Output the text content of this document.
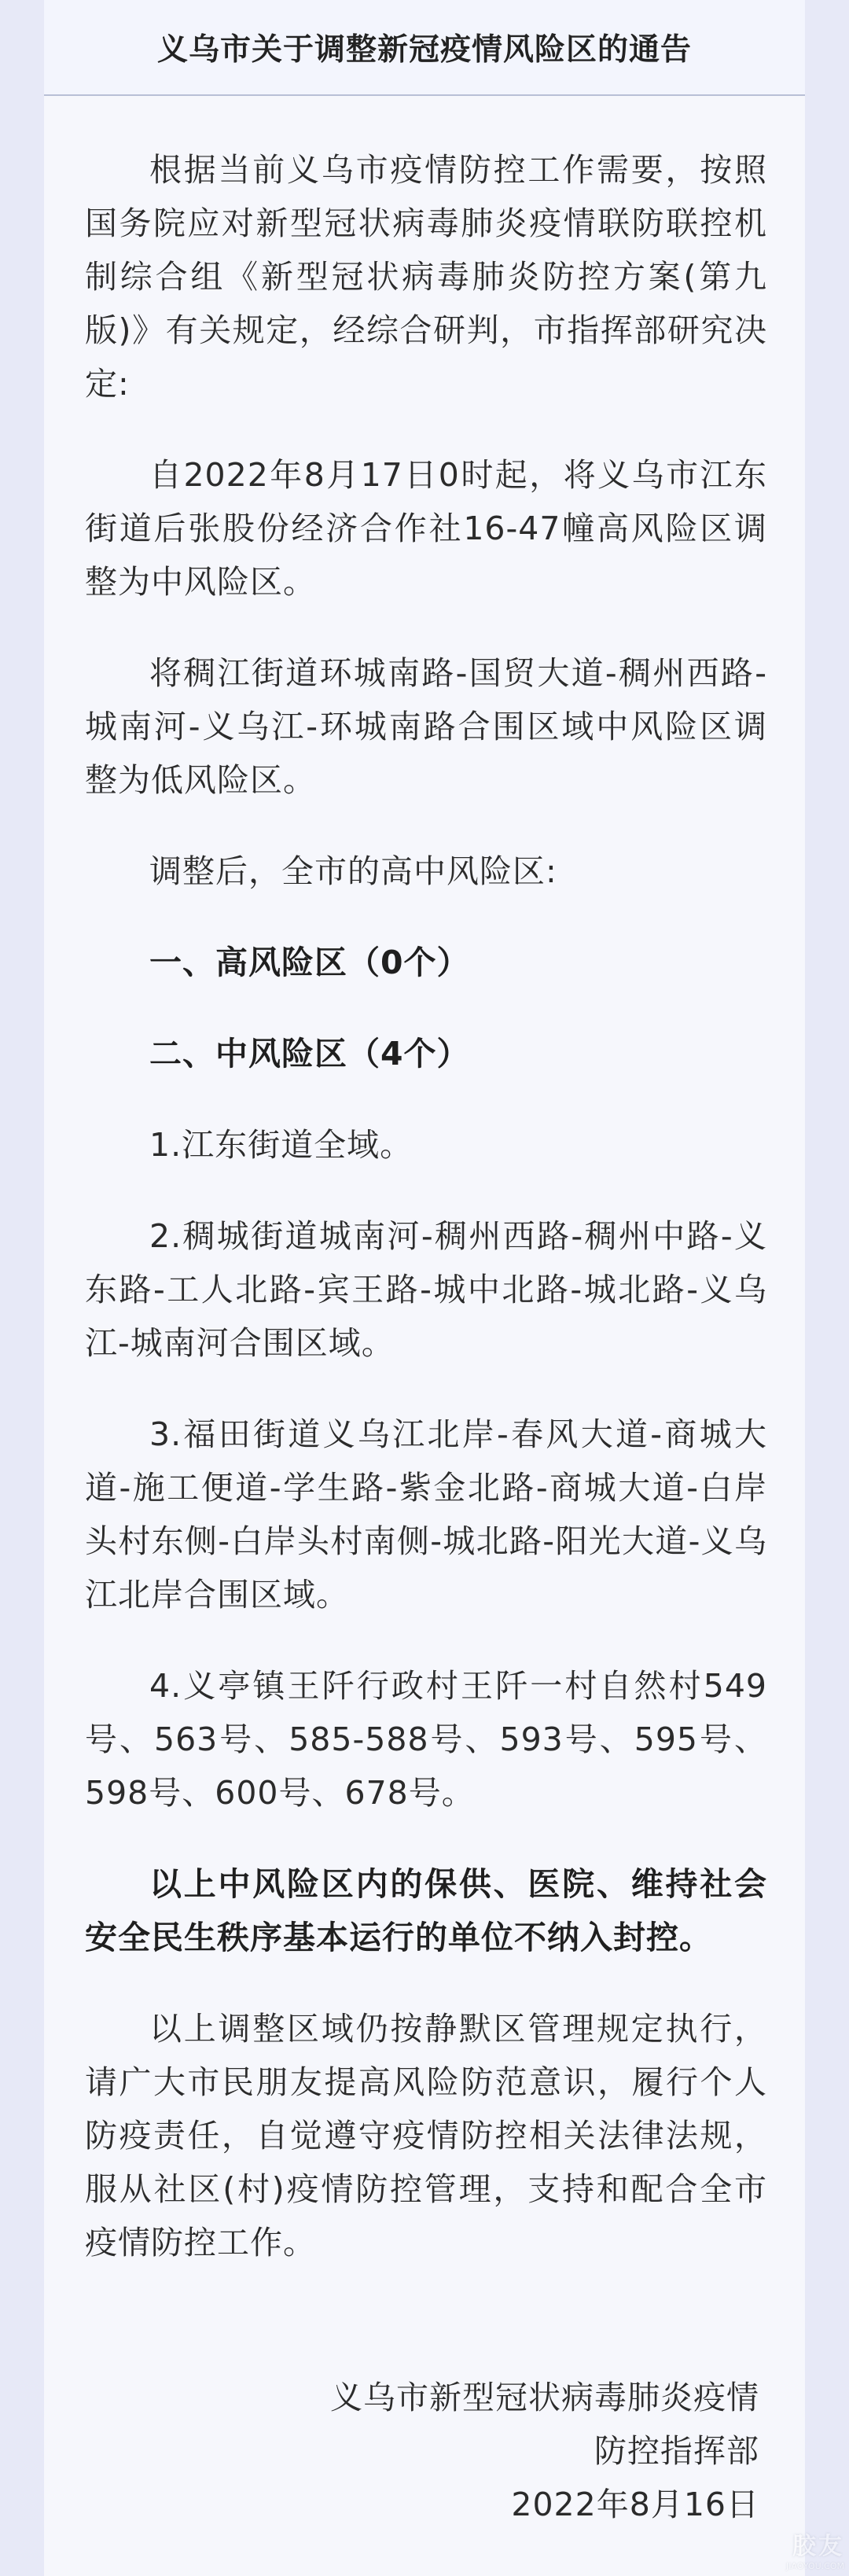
义乌市关于调整新冠疫情风险区的通告

根据当前义乌市疫情防控工作需要，按照国务院应对新型冠状病毒肺炎疫情联防联控机制综合组《新型冠状病毒肺炎防控方案(第九版)》有关规定，经综合研判，市指挥部研究决定:

自2022年8月17日0时起，将义乌市江东街道后张股份经济合作社16-47幢高风险区调整为中风险区。

将稠江街道环城南路-国贸大道-稠州西路-城南河-义乌江-环城南路合围区域中风险区调整为低风险区。

调整后，全市的高中风险区:

一、高风险区（0个）

二、中风险区（4个）

1.江东街道全域。

2.稠城街道城南河-稠州西路-稠州中路-义东路-工人北路-宾王路-城中北路-城北路-义乌江-城南河合围区域。

3.福田街道义乌江北岸-春风大道-商城大道-施工便道-学生路-紫金北路-商城大道-白岸头村东侧-白岸头村南侧-城北路-阳光大道-义乌江北岸合围区域。

4.义亭镇王阡行政村王阡一村自然村549号、563号、585-588号、593号、595号、598号、600号、678号。

以上中风险区内的保供、医院、维持社会安全民生秩序基本运行的单位不纳入封控。

以上调整区域仍按静默区管理规定执行，请广大市民朋友提高风险防范意识，履行个人防疫责任，自觉遵守疫情防控相关法律法规，服从社区(村)疫情防控管理，支持和配合全市疫情防控工作。

义乌市新型冠状病毒肺炎疫情
防控指挥部
2022年8月16日
胶友
JIAOYOU.COM
